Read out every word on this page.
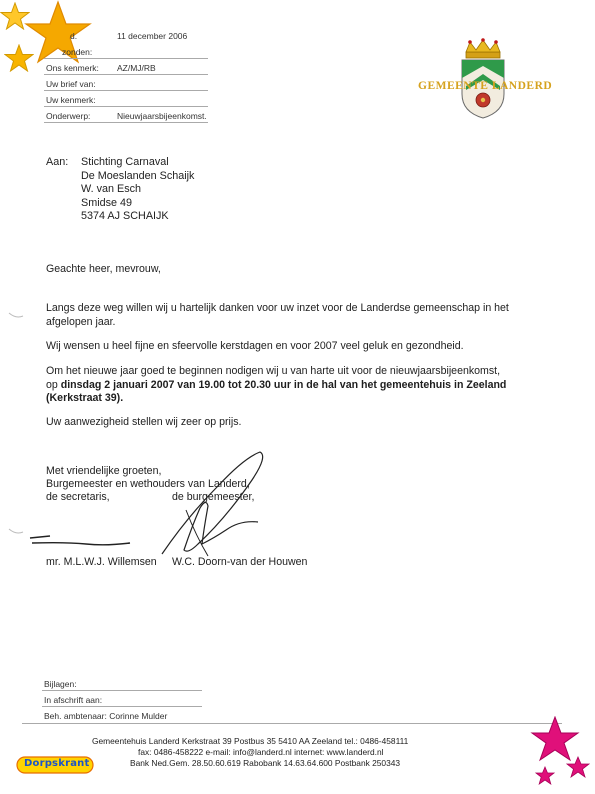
d.	11 december 2006
zonden:
Ons kenmerk: AZ/MJ/RB
Uw brief van:
Uw kenmerk:
Onderwerp:	Nieuwjaarsbijeenkomst.
GEMEENTE LANDERD
Aan: Stichting Carnaval
De Moeslanden Schaijk
W. van Esch
Smidse 49
5374 AJ SCHAIJK
Geachte heer, mevrouw,
Langs deze weg willen wij u hartelijk danken voor uw inzet voor de Landerdse gemeenschap in het afgelopen jaar.
Wij wensen u heel fijne en sfeervolle kerstdagen en voor 2007 veel geluk en gezondheid.
Om het nieuwe jaar goed te beginnen nodigen wij u van harte uit voor de nieuwjaarsbijeenkomst, op dinsdag 2 januari 2007 van 19.00 tot 20.30 uur in de hal van het gemeentehuis in Zeeland (Kerkstraat 39).
Uw aanwezigheid stellen wij zeer op prijs.
Met vriendelijke groeten,
Burgemeester en wethouders van Landerd,
de secretaris,	de burgemeester,
mr. M.L.W.J. Willemsen W.C. Doorn-van der Houwen
Bijlagen:
In afschrift aan:
Beh. ambtenaar: Corinne Mulder
Gemeentehuis Landerd Kerkstraat 39 Postbus 35 5410 AA Zeeland tel.: 0486-458111
fax: 0486-458222 e-mail: info@landerd.nl internet: www.landerd.nl
Bank Ned.Gem. 28.50.60.619 Rabobank 14.63.64.600 Postbank 250343
Dorpskrant
